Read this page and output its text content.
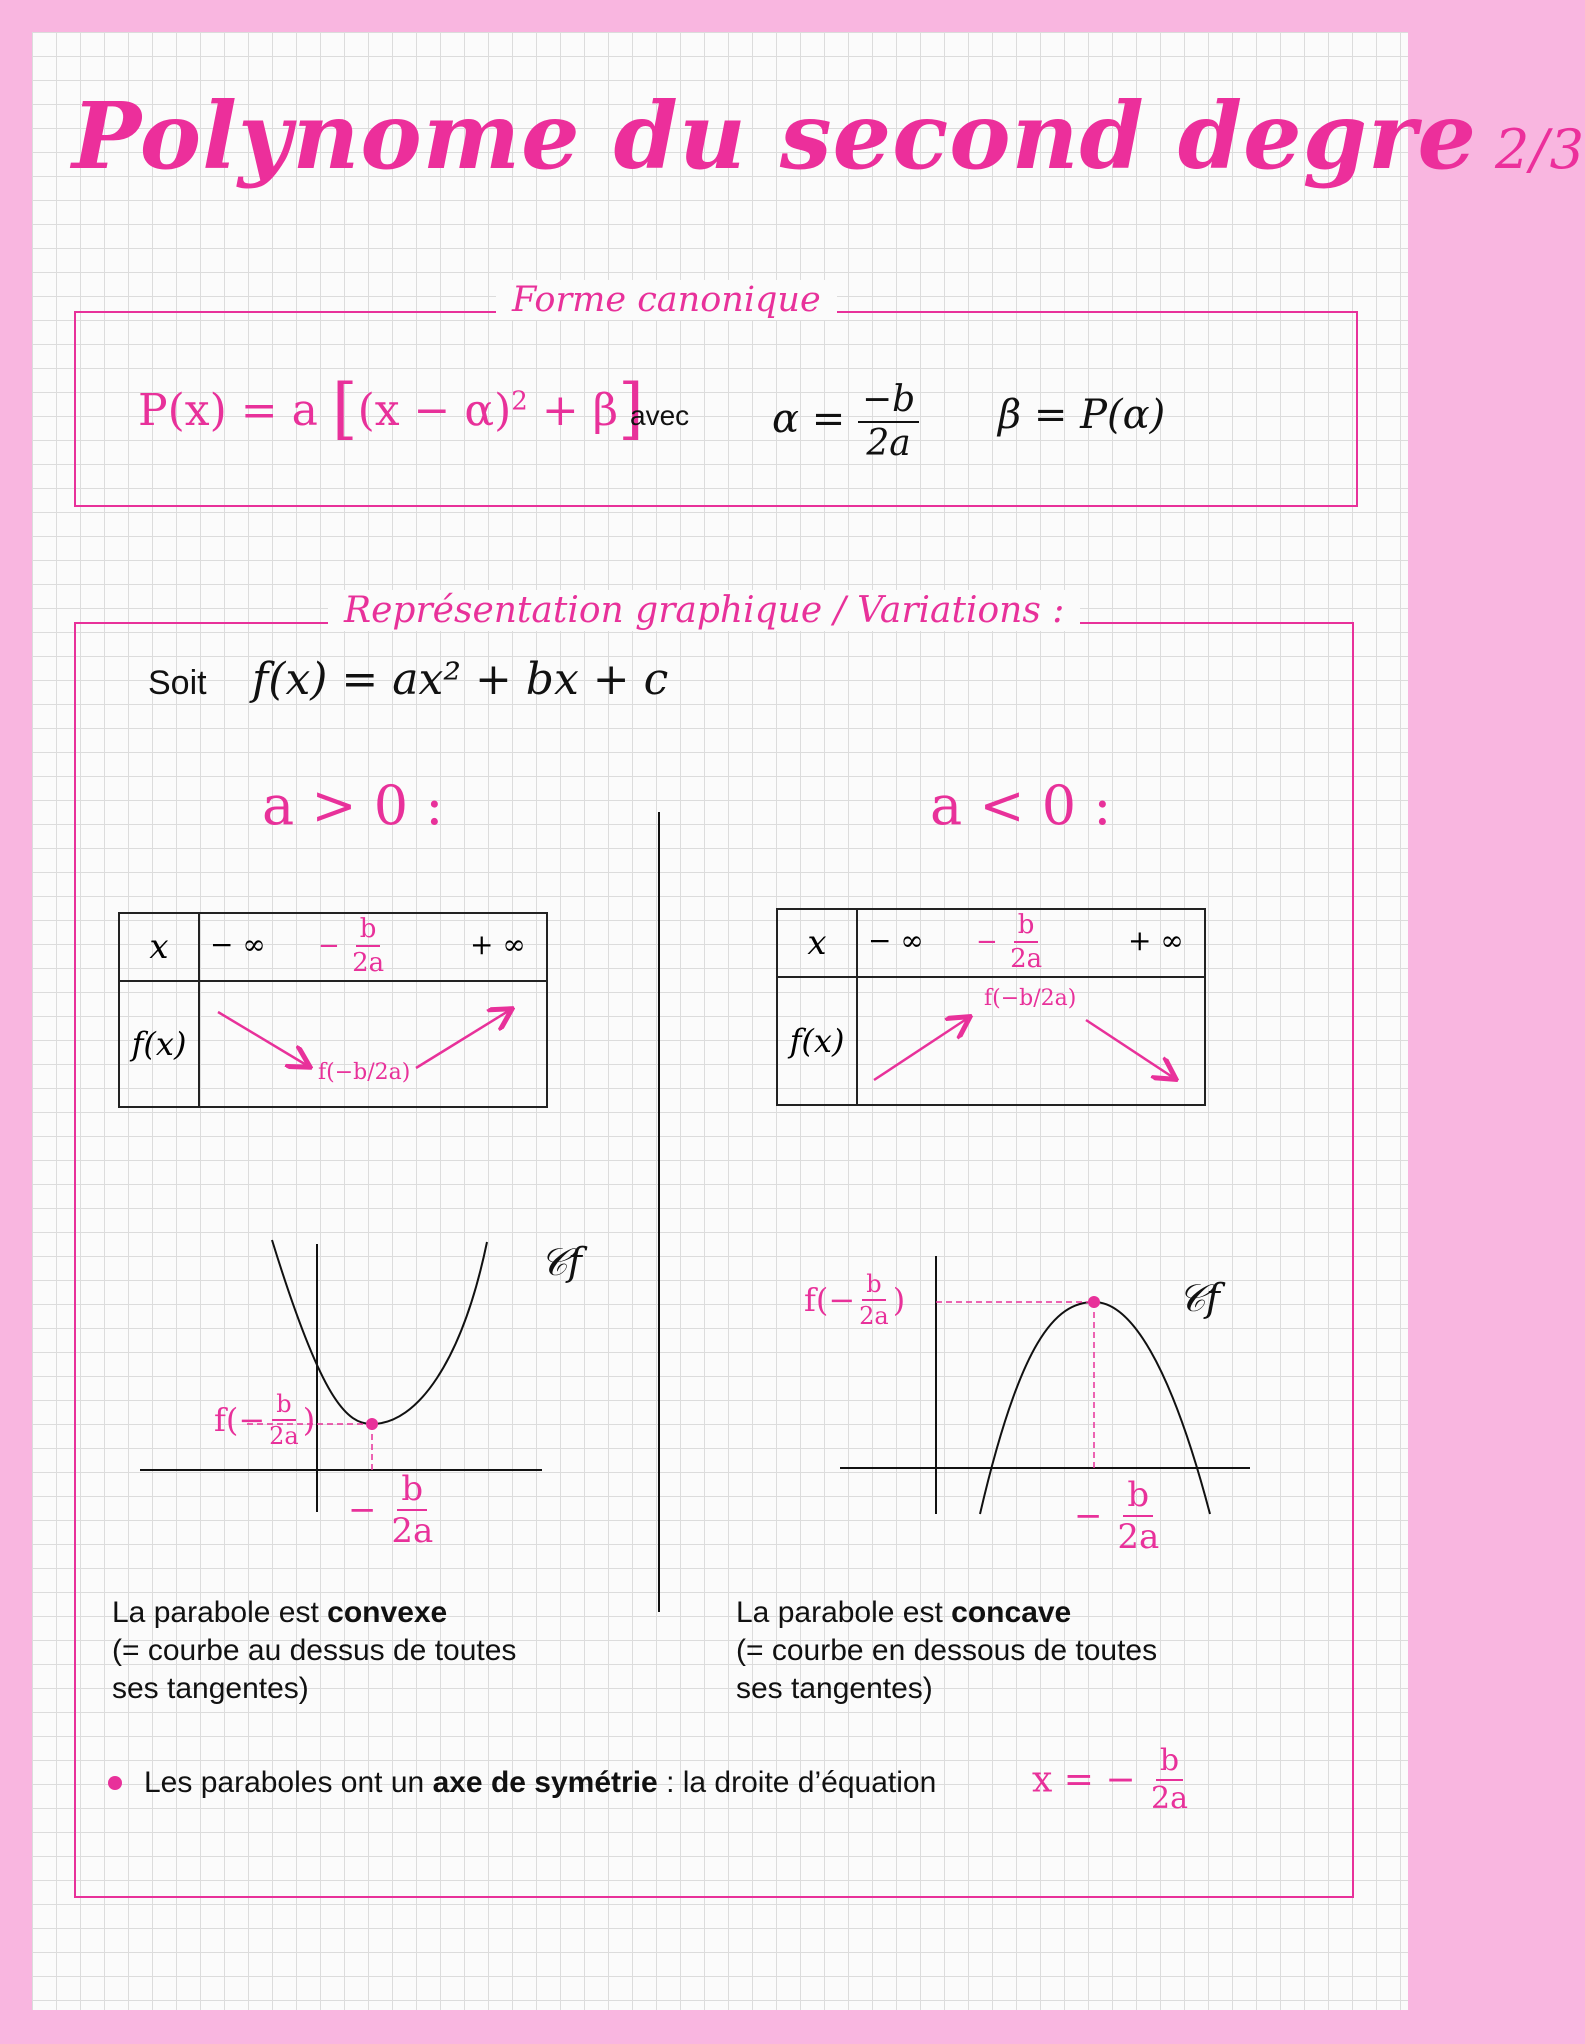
Polynome du second degre 2/3
Forme canonique
P(x) = a $[(x - \alpha)^2 + \beta]$
avec $\alpha = \frac{-b}{2a}$ β = P(α)
Représentation graphique / Variations :
Soit f(x) = ax² + bx + c
a > 0 :
x	− ∞ − $\frac{b}{2a}$ + ∞

f(x)	f(−b/2a)
𝒞f
$f(- \frac{b}{2a}$ )
− $\frac{b}{2a}$
La parabole est convexe
(= courbe au dessus de toutes
ses tangentes)
a < 0 :
x	− ∞ − $\frac{b}{2a}$ + ∞

f(x)	f(−b/2a)
𝒞f
$f(- \frac{b}{2a}$ )
− $\frac{b}{2a}$
La parabole est concave
(= courbe en dessous de toutes
ses tangentes)
Les paraboles ont un axe de symétrie : la droite d’équation	x = − $\frac{b}{2a}$
